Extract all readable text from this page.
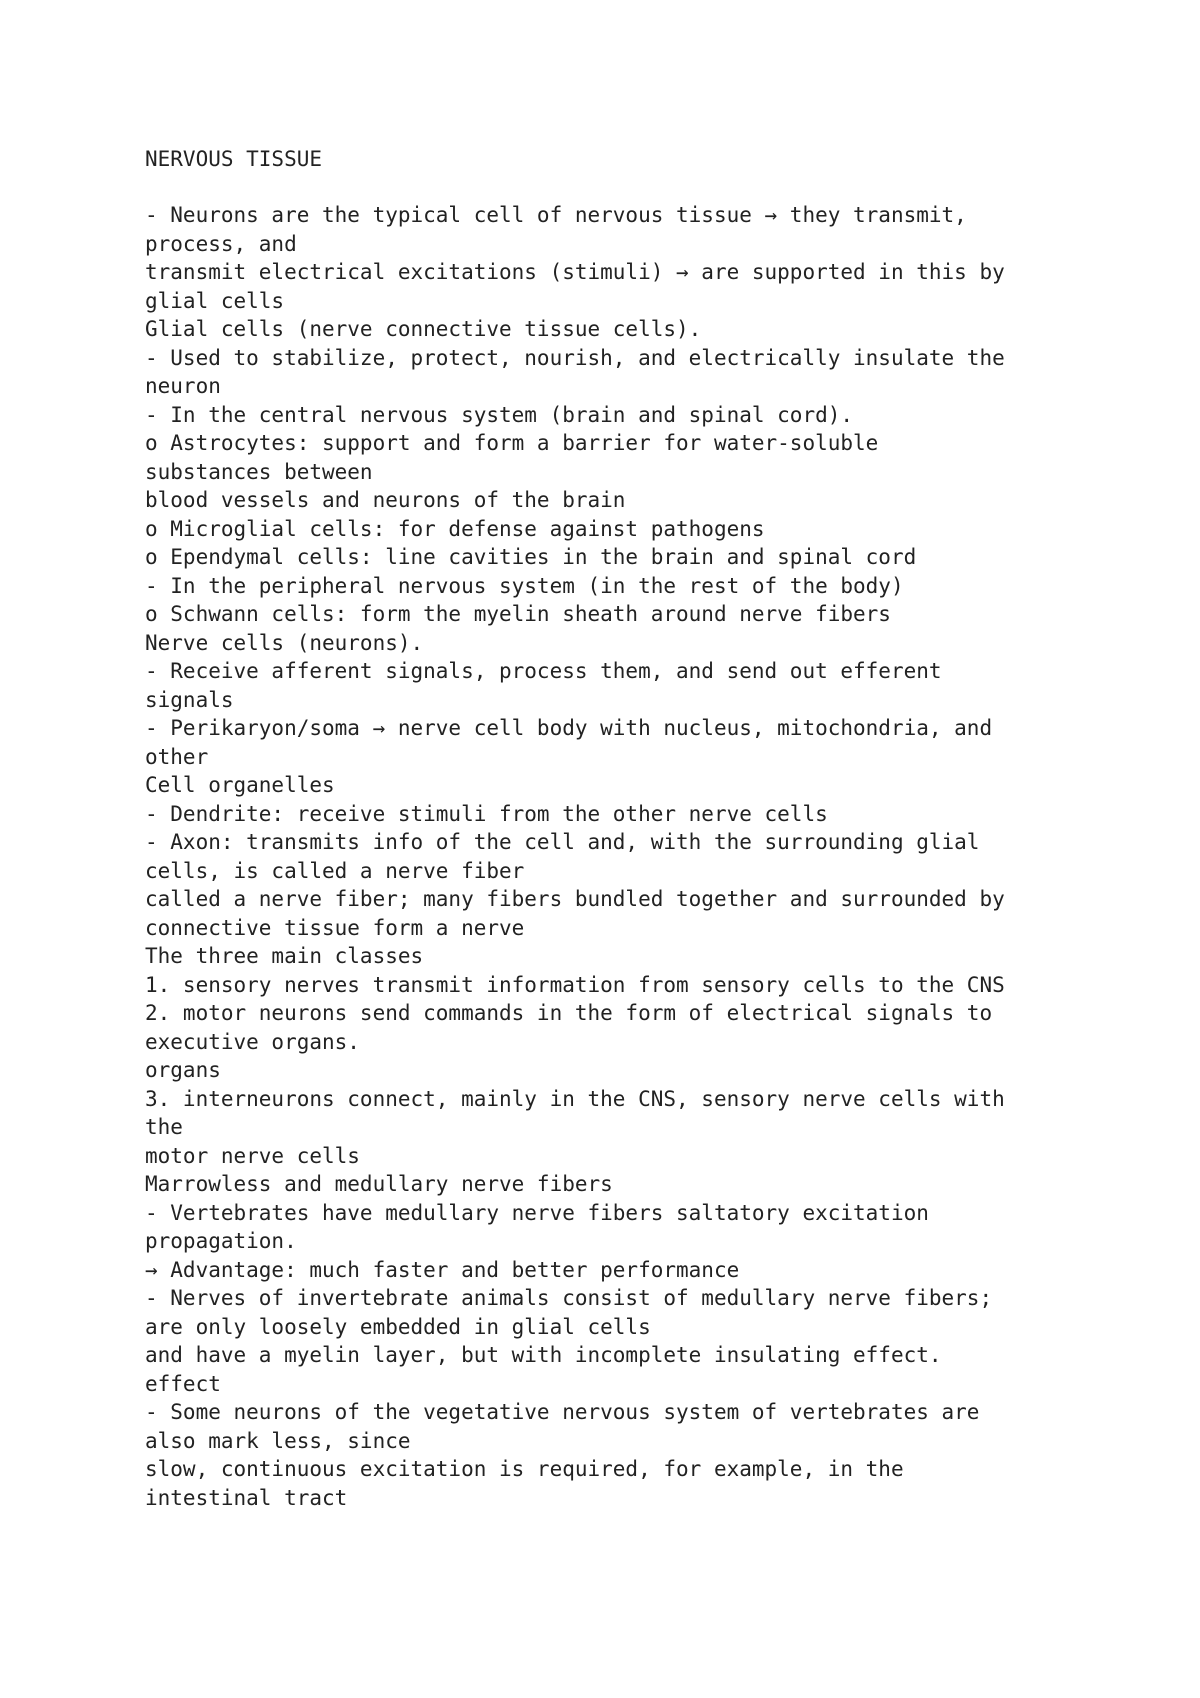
NERVOUS TISSUE
- Neurons are the typical cell of nervous tissue → they transmit,
process, and
transmit electrical excitations (stimuli) → are supported in this by
glial cells
Glial cells (nerve connective tissue cells).
- Used to stabilize, protect, nourish, and electrically insulate the
neuron
- In the central nervous system (brain and spinal cord).
o Astrocytes: support and form a barrier for water-soluble
substances between
blood vessels and neurons of the brain
o Microglial cells: for defense against pathogens
o Ependymal cells: line cavities in the brain and spinal cord
- In the peripheral nervous system (in the rest of the body)
o Schwann cells: form the myelin sheath around nerve fibers
Nerve cells (neurons).
- Receive afferent signals, process them, and send out efferent
signals
- Perikaryon/soma → nerve cell body with nucleus, mitochondria, and
other
Cell organelles
- Dendrite: receive stimuli from the other nerve cells
- Axon: transmits info of the cell and, with the surrounding glial
cells, is called a nerve fiber
called a nerve fiber; many fibers bundled together and surrounded by
connective tissue form a nerve
The three main classes
1. sensory nerves transmit information from sensory cells to the CNS
2. motor neurons send commands in the form of electrical signals to
executive organs.
organs
3. interneurons connect, mainly in the CNS, sensory nerve cells with
the
motor nerve cells
Marrowless and medullary nerve fibers
- Vertebrates have medullary nerve fibers saltatory excitation
propagation.
→ Advantage: much faster and better performance
- Nerves of invertebrate animals consist of medullary nerve fibers;
are only loosely embedded in glial cells
and have a myelin layer, but with incomplete insulating effect.
effect
- Some neurons of the vegetative nervous system of vertebrates are
also mark less, since
slow, continuous excitation is required, for example, in the
intestinal tract
